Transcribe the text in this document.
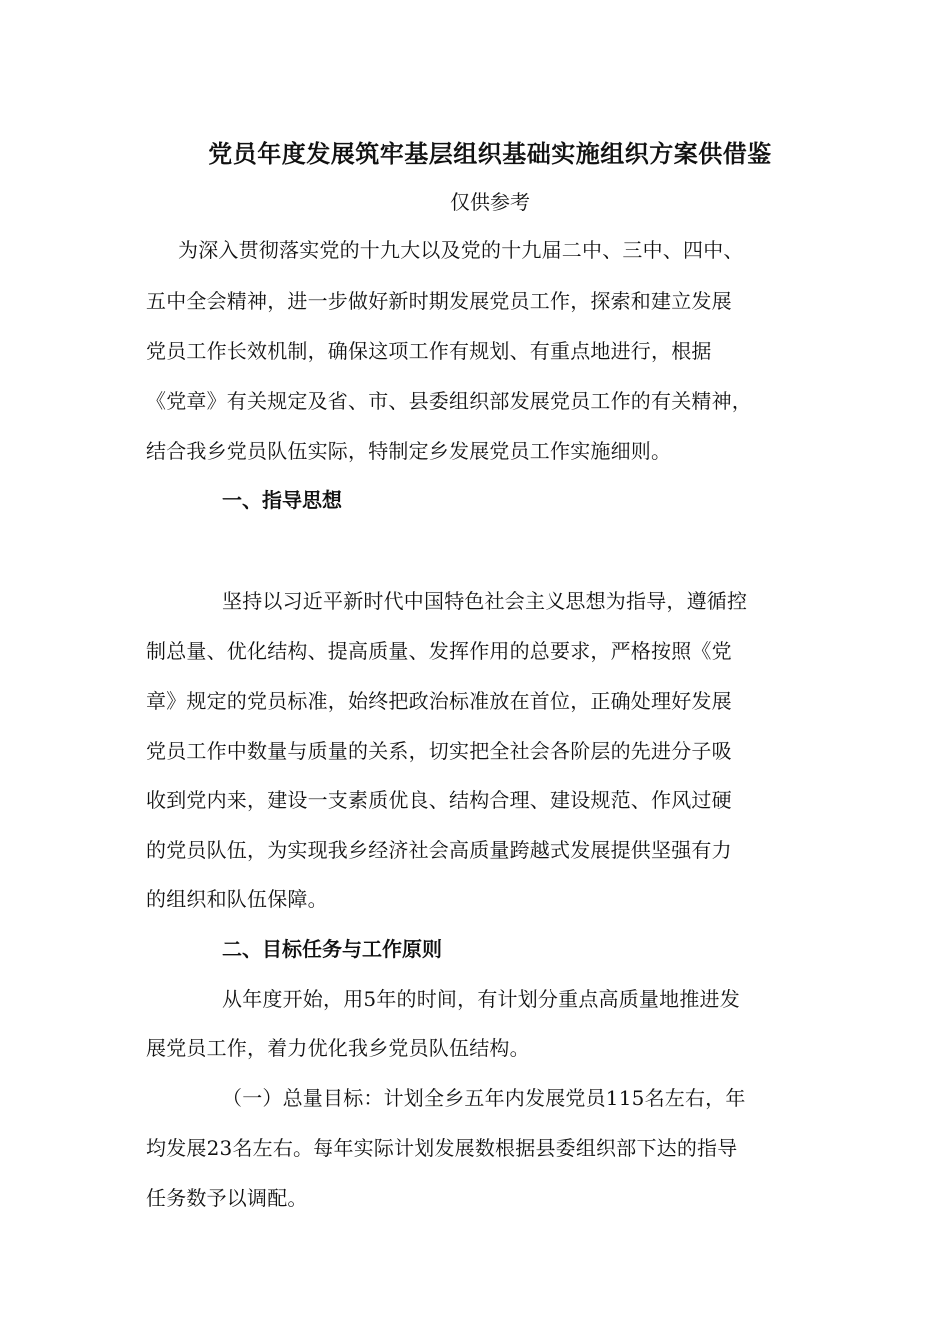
党员年度发展筑牢基层组织基础实施组织方案供借鉴
仅供参考
为深入贯彻落实党的十九大以及党的十九届二中、三中、四中、
五中全会精神，进一步做好新时期发展党员工作，探索和建立发展
党员工作长效机制，确保这项工作有规划、有重点地进行，根据
《党章》有关规定及省、市、县委组织部发展党员工作的有关精神，
结合我乡党员队伍实际，特制定乡发展党员工作实施细则。
一、指导思想
坚持以习近平新时代中国特色社会主义思想为指导，遵循控
制总量、优化结构、提高质量、发挥作用的总要求，严格按照《党
章》规定的党员标准，始终把政治标准放在首位，正确处理好发展
党员工作中数量与质量的关系，切实把全社会各阶层的先进分子吸
收到党内来，建设一支素质优良、结构合理、建设规范、作风过硬
的党员队伍，为实现我乡经济社会高质量跨越式发展提供坚强有力
的组织和队伍保障。
二、目标任务与工作原则
从年度开始，用5年的时间，有计划分重点高质量地推进发
展党员工作，着力优化我乡党员队伍结构。
（一）总量目标：计划全乡五年内发展党员115名左右，年
均发展23名左右。每年实际计划发展数根据县委组织部下达的指导
任务数予以调配。
